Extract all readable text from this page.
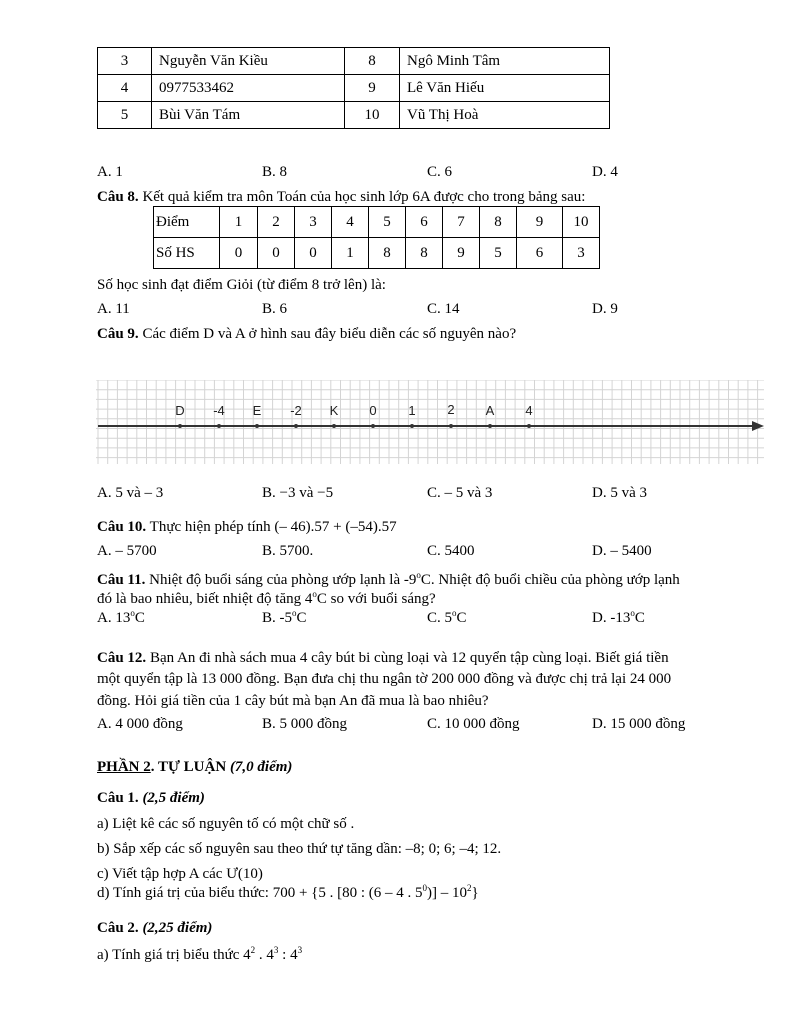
3	Nguyễn Văn Kiều	8	Ngô Minh Tâm
4	0977533462	9	Lê Văn Hiếu
5	Bùi Văn Tám	10	Vũ Thị Hoà
A. 1	B. 8	C. 6	D. 4
Câu 8. Kết quả kiểm tra môn Toán của học sinh lớp 6A được cho trong bảng sau:
Điểm	1	2	3	4	5	6	7	8	9	10
Số HS	0	0	0	1	8	8	9	5	6	3
Số học sinh đạt điểm Giỏi (từ điểm 8 trở lên) là:
A. 11	B. 6	C. 14	D. 9
Câu 9. Các điểm D và A ở hình sau đây biểu diễn các số nguyên nào?
D -4 E -2 K 0 1 2 A 4
A. 5 và – 3	B. −3 và −5	C. – 5 và 3	D. 5 và 3
Câu 10. Thực hiện phép tính (– 46).57 + (–54).57
A. – 5700	B. 5700.	C. 5400	D. – 5400
Câu 11. Nhiệt độ buổi sáng của phòng ướp lạnh là -9$^o$C. Nhiệt độ buổi chiều của phòng ướp lạnh
đó là bao nhiêu, biết nhiệt độ tăng 4$^o$C so với buổi sáng?
A. 13$^o$C	B. -5$^o$C	C. 5$^o$C	D. -13$^o$C
Câu 12. Bạn An đi nhà sách mua 4 cây bút bi cùng loại và 12 quyển tập cùng loại. Biết giá tiền
một quyển tập là 13 000 đồng. Bạn đưa chị thu ngân tờ 200 000 đồng và được chị trả lại 24 000
đồng. Hỏi giá tiền của 1 cây bút mà bạn An đã mua là bao nhiêu?
A. 4 000 đồng	B. 5 000 đồng	C. 10 000 đồng	D. 15 000 đồng
PHẦN 2. TỰ LUẬN (7,0 điểm)
Câu 1. (2,5 điểm)
a) Liệt kê các số nguyên tố có một chữ số .
b) Sắp xếp các số nguyên sau theo thứ tự tăng dần: –8; 0; 6; –4; 12.
c) Viết tập hợp A các Ư(10)
d) Tính giá trị của biểu thức: 700 + {5 . [80 : (6 – 4 . $5^0)] - 10^2$}
Câu 2. (2,25 điểm)
a) Tính giá trị biểu thức $4^2$ . $4^3$ : $4^3$
